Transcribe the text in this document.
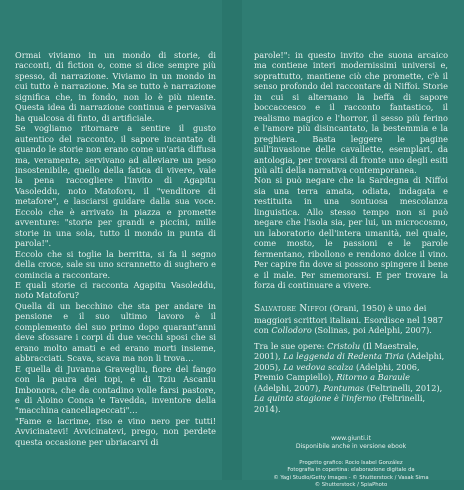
Ormai viviamo in un mondo di storie, di racconti, di fiction o, come si dice sempre più spesso, di narrazione. Viviamo in un mondo in cui tutto è narrazione. Ma se tutto è narrazione significa che, in fondo, non lo è più niente. Questa idea di narrazione continua e pervasiva ha qualcosa di finto, di artificiale.

Se vogliamo ritornare a sentire il gusto autentico del racconto, il sapore incantato di quando le storie non erano come un'aria diffusa ma, veramente, servivano ad alleviare un peso insostenibile, quello della fatica di vivere, vale la pena raccogliere l'invito di Agapitu Vasoleddu, noto Matoforu, il "venditore di metafore", e lasciarsi guidare dalla sua voce. Eccolo che è arrivato in piazza e promette avventure: "storie per grandi e piccini, mille storie in una sola, tutto il mondo in punta di parola!".

Eccolo che si toglie la berritta, si fa il segno della croce, sale su uno scrannetto di sughero e comincia a raccontare.

E quali storie ci racconta Agapitu Vasoleddu, noto Matoforu?

Quella di un becchino che sta per andare in pensione e il suo ultimo lavoro è il complemento del suo primo dopo quarant'anni deve sfossare i corpi di due vecchi sposi che si erano molto amati e ed erano morti insieme, abbracciati. Scava, scava ma non li trova…

E quella di Juvanna Gravegliu, fiore del fango con la paura dei topi, e di Tziu Ascaniu Imbonora, che da contadino volle farsi pastore, e di Aloino Conca 'e Tavedda, inventore della "macchina cancellapeccati"…

"Fame e lacrime, riso e vino nero per tutti! Avvicinatevi! Avvicinatevi, prego, non perdete questa occasione per ubriacarvi di

parole!": in questo invito che suona arcaico ma contiene interi modernissimi universi e, soprattutto, mantiene ciò che promette, c'è il senso profondo del raccontare di Niffoi. Storie in cui si alternano la beffa di sapore boccaccesco e il racconto fantastico, il realismo magico e l'horror, il sesso più ferino e l'amore più disincantato, la bestemmia e la preghiera. Basta leggere le pagine sull'invasione delle cavallette, esemplari, da antologia, per trovarsi di fronte uno degli esiti più alti della narrativa contemporanea.

Non si può negare che la Sardegna di Niffoi sia una terra amata, odiata, indagata e restituita in una sontuosa mescolanza linguistica. Allo stesso tempo non si può negare che l'isola sia, per lui, un microcosmo, un laboratorio dell'intera umanità, nel quale, come mosto, le passioni e le parole fermentano, ribollono e rendono dolce il vino. Per capire fin dove si possono spingere il bene e il male. Per smemorarsi. E per trovare la forza di continuare a vivere.

Salvatore Niffoi (Orani, 1950) è uno dei maggiori scrittori italiani. Esordisce nel 1987 con Collodoro (Solinas, poi Adelphi, 2007).

Tra le sue opere: Cristolu (Il Maestrale, 2001), La leggenda di Redenta Tiria (Adelphi, 2005), La vedova scalza (Adelphi, 2006, Premio Campiello), Ritorno a Baraule (Adelphi, 2007), Pantumas (Feltrinelli, 2012), La quinta stagione è l'inferno (Feltrinelli, 2014).

www.giunti.it
Disponibile anche in versione ebook
Progetto grafico: Rocio Isabel González
Fotografia in copertina: elaborazione digitale da
© Yagi Studio/Getty Images - © Shutterstock / Vasak Sima
© Shutterstock / SpiaPhoto
